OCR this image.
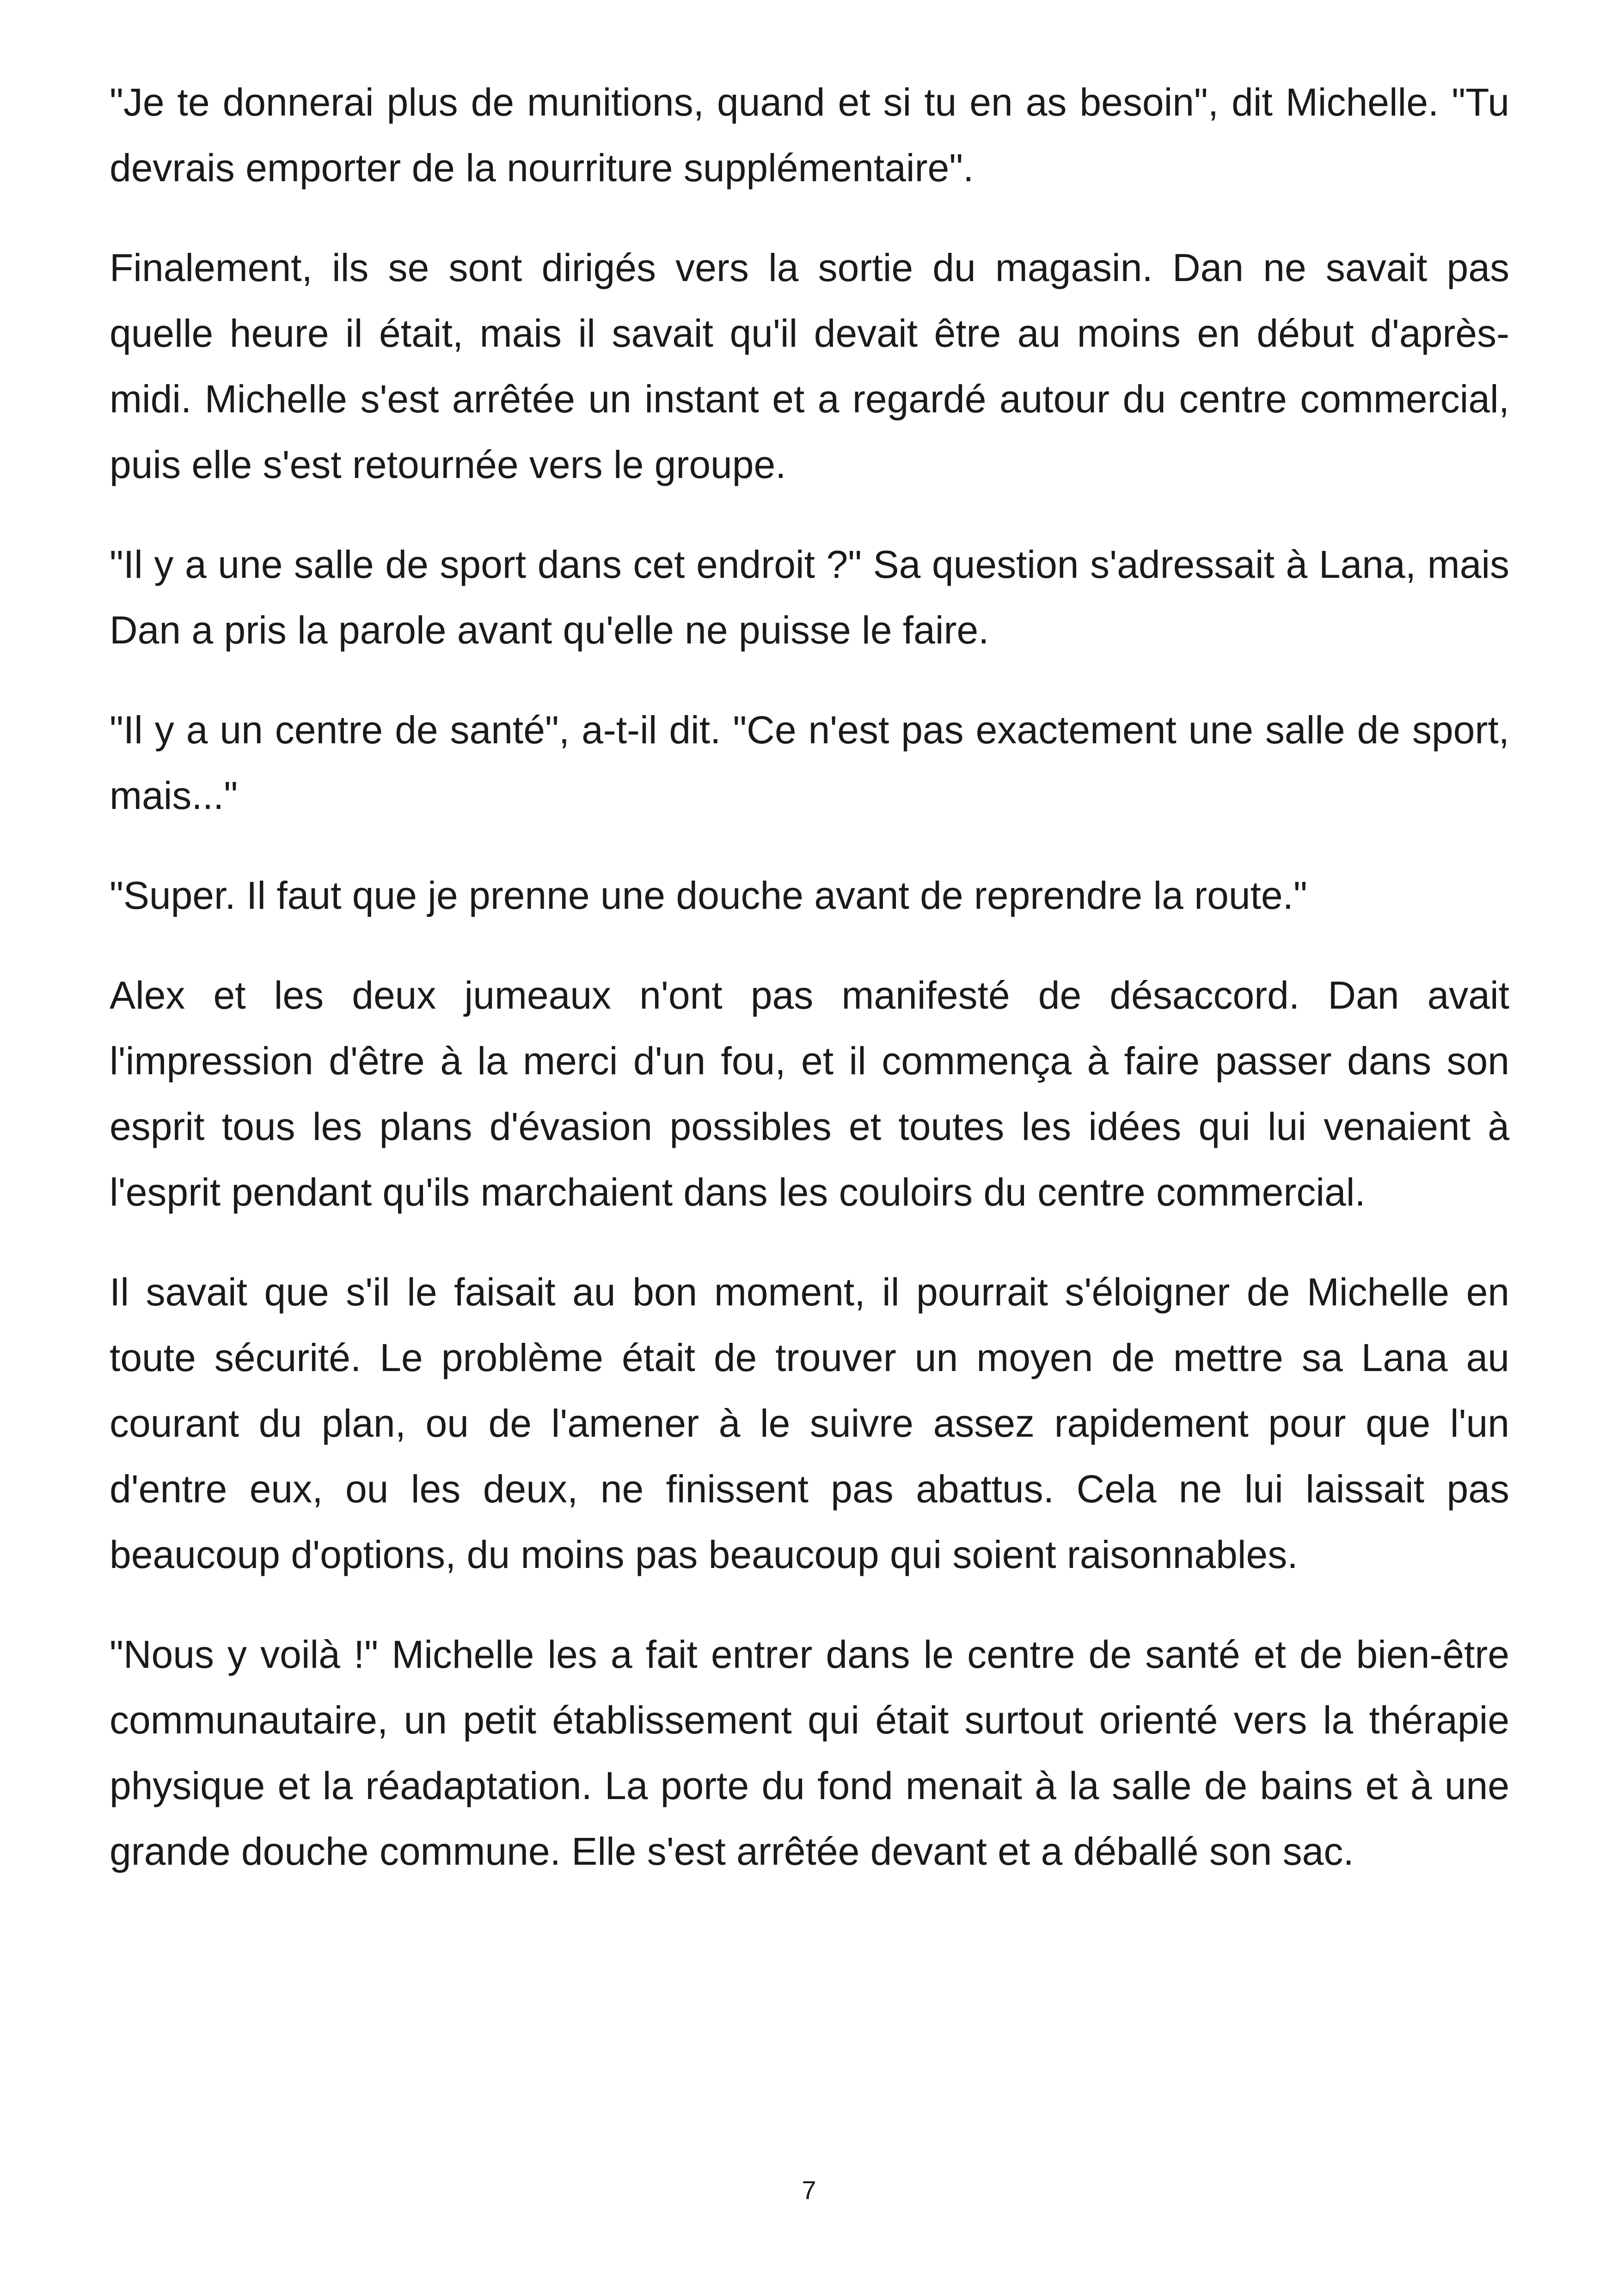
"Je te donnerai plus de munitions, quand et si tu en as besoin", dit Michelle. "Tu devrais emporter de la nourriture supplémentaire".

Finalement, ils se sont dirigés vers la sortie du magasin. Dan ne savait pas quelle heure il était, mais il savait qu'il devait être au moins en début d'après-midi. Michelle s'est arrêtée un instant et a regardé autour du centre commercial, puis elle s'est retournée vers le groupe.

"Il y a une salle de sport dans cet endroit ?" Sa question s'adressait à Lana, mais Dan a pris la parole avant qu'elle ne puisse le faire.

"Il y a un centre de santé", a-t-il dit. "Ce n'est pas exactement une salle de sport, mais..."

"Super. Il faut que je prenne une douche avant de reprendre la route."

Alex et les deux jumeaux n'ont pas manifesté de désaccord. Dan avait l'impression d'être à la merci d'un fou, et il commença à faire passer dans son esprit tous les plans d'évasion possibles et toutes les idées qui lui venaient à l'esprit pendant qu'ils marchaient dans les couloirs du centre commercial.

Il savait que s'il le faisait au bon moment, il pourrait s'éloigner de Michelle en toute sécurité. Le problème était de trouver un moyen de mettre sa Lana au courant du plan, ou de l'amener à le suivre assez rapidement pour que l'un d'entre eux, ou les deux, ne finissent pas abattus. Cela ne lui laissait pas beaucoup d'options, du moins pas beaucoup qui soient raisonnables.

"Nous y voilà !" Michelle les a fait entrer dans le centre de santé et de bien-être communautaire, un petit établissement qui était surtout orienté vers la thérapie physique et la réadaptation. La porte du fond menait à la salle de bains et à une grande douche commune. Elle s'est arrêtée devant et a déballé son sac.

7
